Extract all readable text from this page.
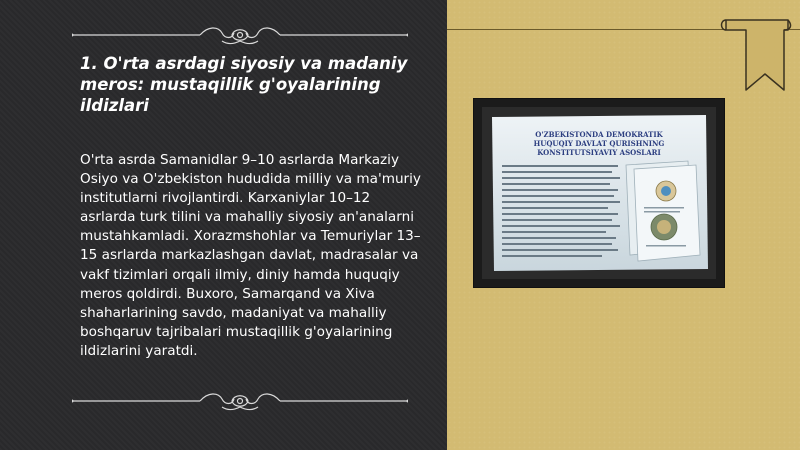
1. O'rta asrdagi siyosiy va madaniy meros: mustaqillik g'oyalarining ildizlari

O'rta asrda Samanidlar 9–10 asrlarda Markaziy Osiyo va O'zbekiston hududida milliy va ma'muriy institutlarni rivojlantirdi. Karxaniylar 10–12 asrlarda turk tilini va mahalliy siyosiy an'analarni mustahkamladi. Xorazmshohlar va Temuriylar 13–15 asrlarda markazlashgan davlat, madrasalar va vakf tizimlari orqali ilmiy, diniy hamda huquqiy meros qoldirdi. Buxoro, Samarqand va Xiva shaharlarining savdo, madaniyat va mahalliy boshqaruv tajribalari mustaqillik g'oyalarining ildizlarini yaratdi.

O'ZBEKISTONDA DEMOKRATIK
HUQUQIY DAVLAT QURISHNING
KONSTITUTSIYAVIY ASOSLARI
